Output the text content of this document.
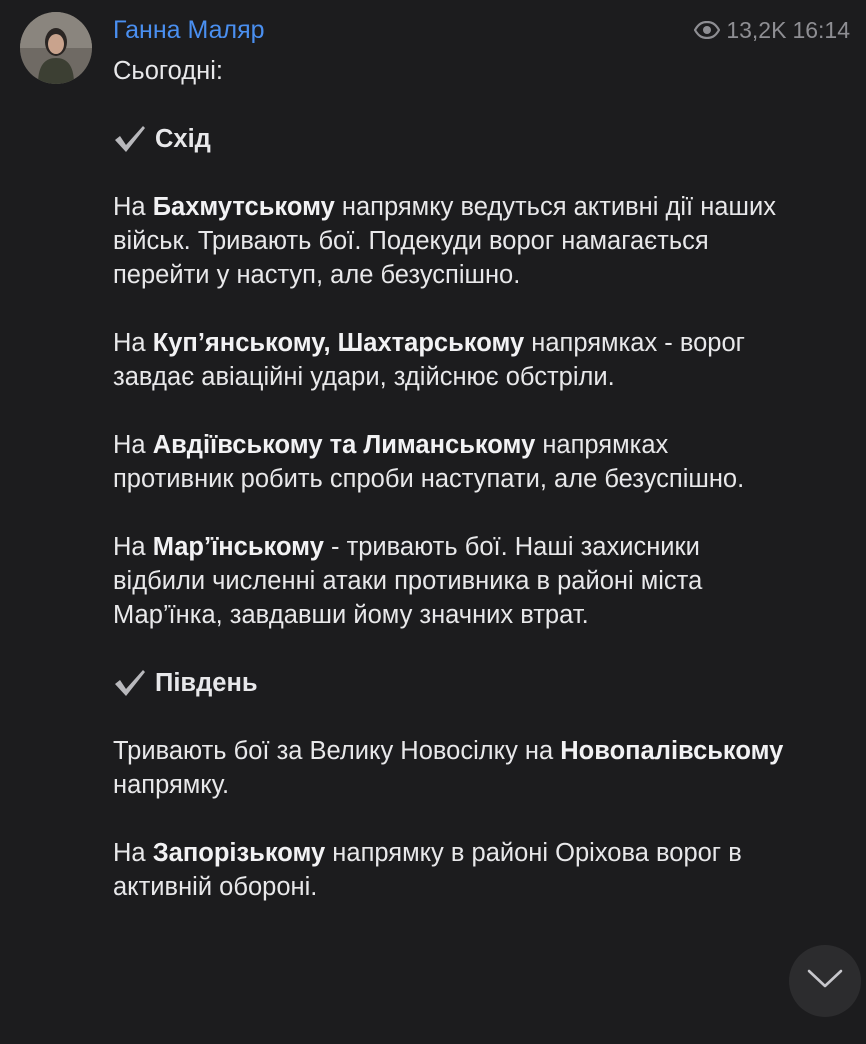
Ганна Маляр	13,2K 16:14

Сьогодні:

Схід

На Бахмутському напрямку ведуться активні дії наших військ. Тривають бої. Подекуди ворог намагається перейти у наступ, але безуспішно.

На Куп’янському, Шахтарському напрямках - ворог завдає авіаційні удари, здійснює обстріли.

На Авдіївському та Лиманському напрямках противник робить спроби наступати, але безуспішно.

На Мар’їнському - тривають бої. Наші захисники відбили численні атаки противника в районі міста Мар’їнка, завдавши йому значних втрат.

Південь

Тривають бої за Велику Новосілку на Новопалівському напрямку.

На Запорізькому напрямку в районі Оріхова ворог в активній обороні.
